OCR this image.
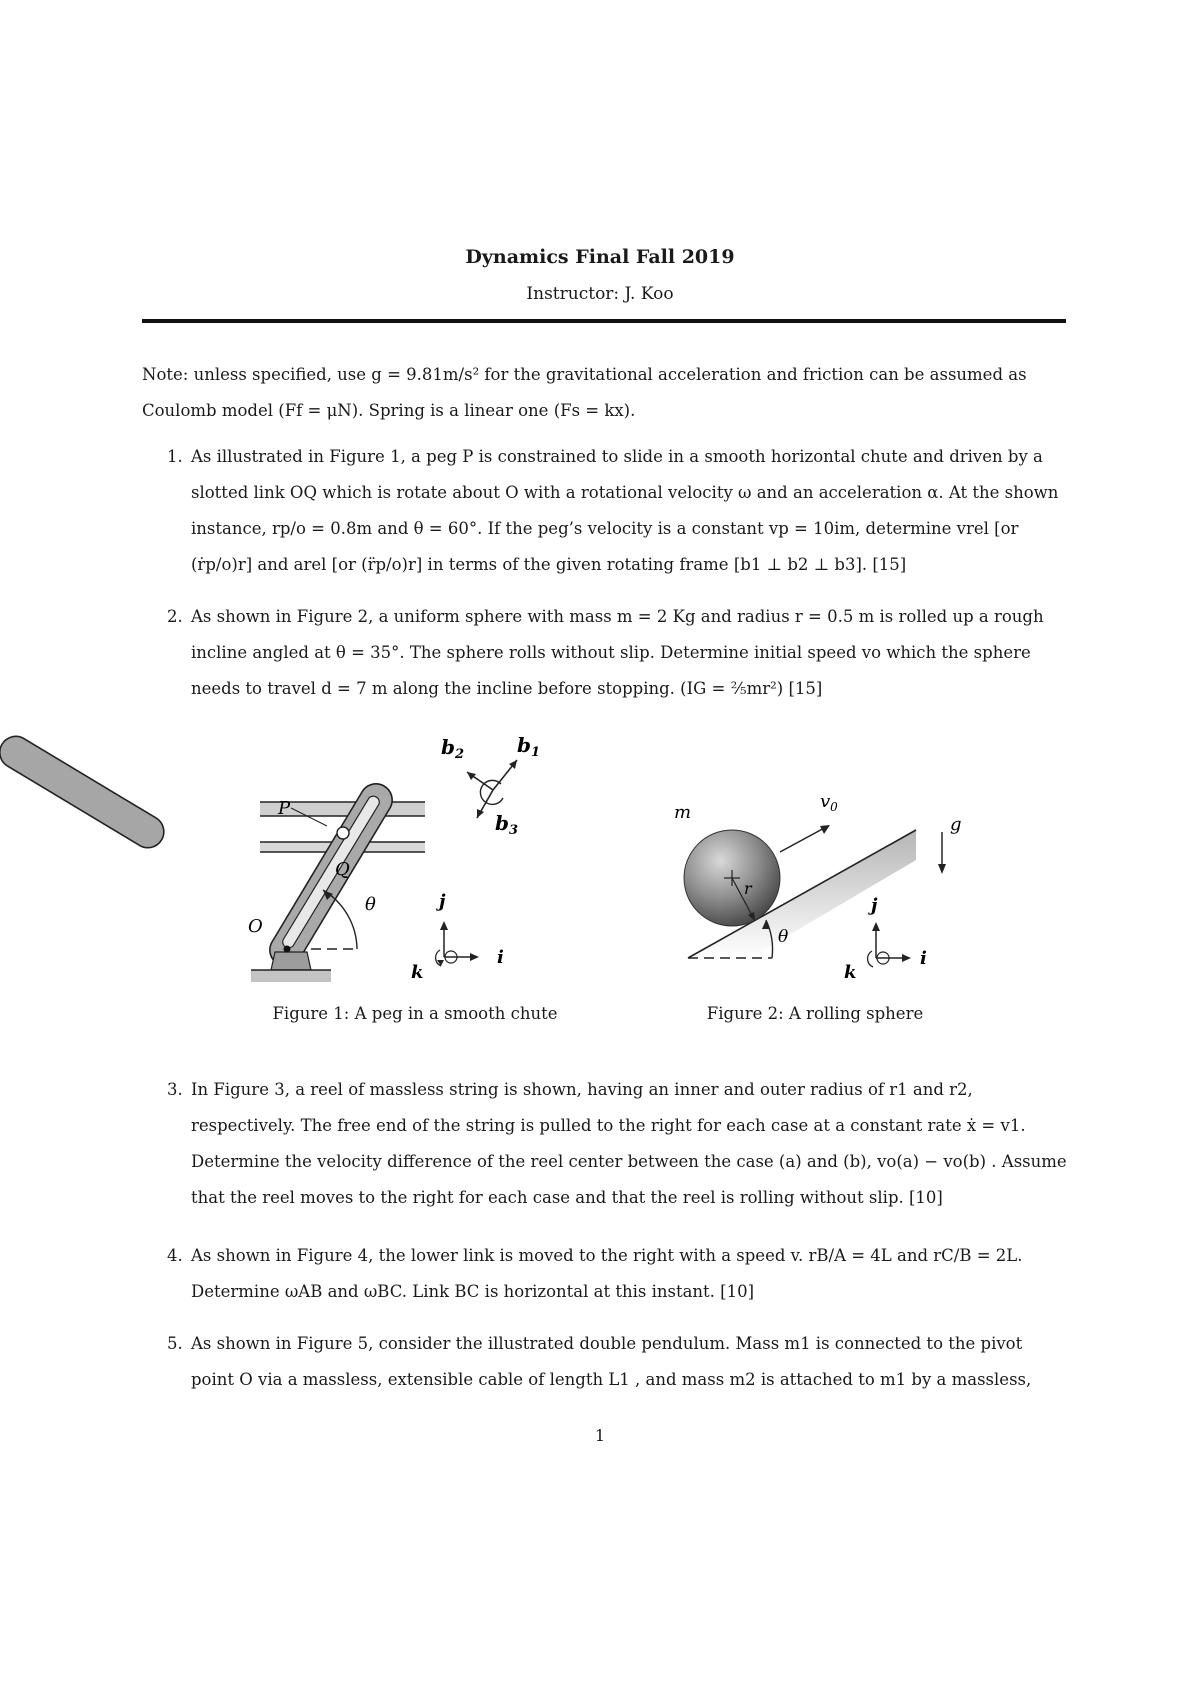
Dynamics Final Fall 2019
Instructor: J. Koo
Note: unless specified, use g = 9.81m/s² for the gravitational acceleration and friction can be assumed as Coulomb model (Ff = μN). Spring is a linear one (Fs = kx).
1. As illustrated in Figure 1, a peg P is constrained to slide in a smooth horizontal chute and driven by a slotted link OQ which is rotate about O with a rotational velocity ω and an acceleration α. At the shown instance, rp/o = 0.8m and θ = 60°. If the peg’s velocity is a constant vp = 10im, determine vrel [or (ṙp/o)r] and arel [or (r̈p/o)r] in terms of the given rotating frame [b1 ⊥ b2 ⊥ b3]. [15]
2. As shown in Figure 2, a uniform sphere with mass m = 2 Kg and radius r = 0.5 m is rolled up a rough incline angled at θ = 35°. The sphere rolls without slip. Determine initial speed vo which the sphere needs to travel d = 7 m along the incline before stopping. (IG = ⅖mr²) [15]
Q
P
O
θ
$b_1$
$b_2$
$b_3$
j
i
k
Figure 1: A peg in a smooth chute
m
r
θ
$v_0$
g
j
i
k
Figure 2: A rolling sphere
3. In Figure 3, a reel of massless string is shown, having an inner and outer radius of r1 and r2, respectively. The free end of the string is pulled to the right for each case at a constant rate ẋ = v1. Determine the velocity difference of the reel center between the case (a) and (b), vo(a) − vo(b) . Assume that the reel moves to the right for each case and that the reel is rolling without slip. [10]
4. As shown in Figure 4, the lower link is moved to the right with a speed v. rB/A = 4L and rC/B = 2L. Determine ωAB and ωBC. Link BC is horizontal at this instant. [10]
5. As shown in Figure 5, consider the illustrated double pendulum. Mass m1 is connected to the pivot point O via a massless, extensible cable of length L1 , and mass m2 is attached to m1 by a massless,
1
